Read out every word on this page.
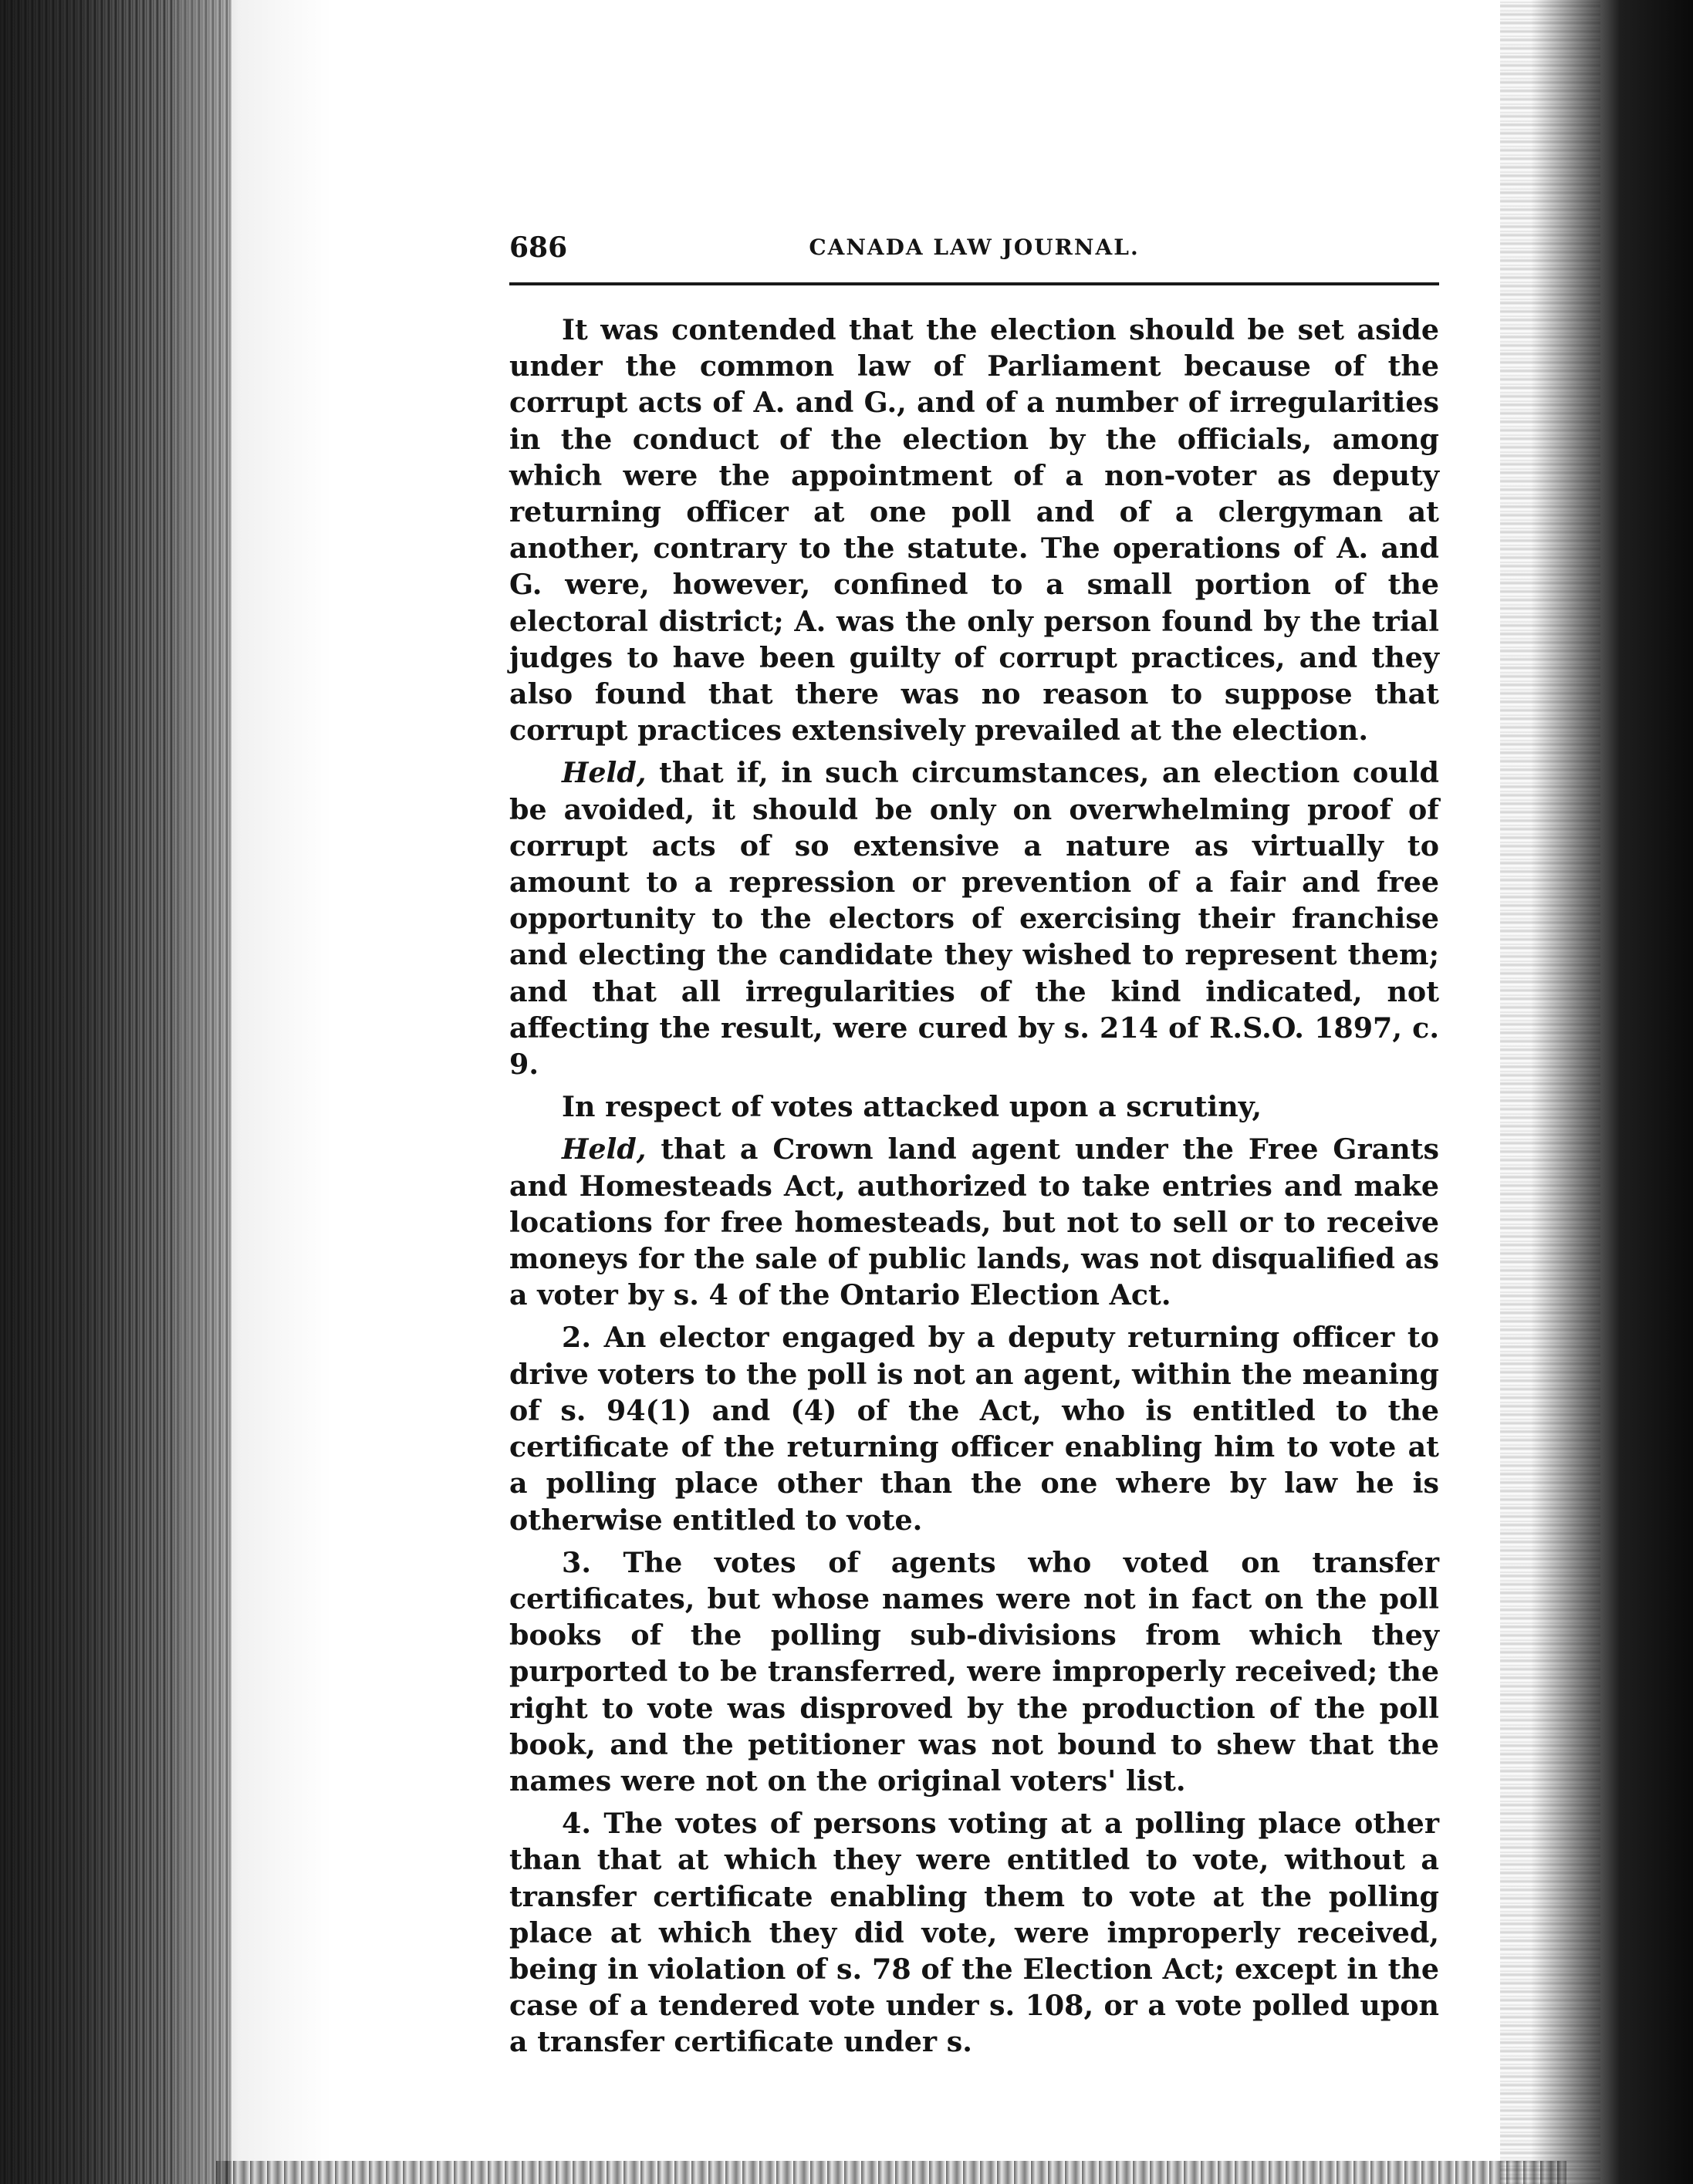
686	CANADA LAW JOURNAL.

It was contended that the election should be set aside under the common law of Parliament because of the corrupt acts of A. and G., and of a number of irregularities in the conduct of the election by the officials, among which were the appointment of a non-voter as deputy returning officer at one poll and of a clergyman at another, contrary to the statute. The operations of A. and G. were, however, confined to a small portion of the electoral district; A. was the only person found by the trial judges to have been guilty of corrupt practices, and they also found that there was no reason to suppose that corrupt practices extensively prevailed at the election.

Held, that if, in such circumstances, an election could be avoided, it should be only on overwhelming proof of corrupt acts of so extensive a nature as virtually to amount to a repression or prevention of a fair and free opportunity to the electors of exercising their franchise and electing the candidate they wished to represent them; and that all irregularities of the kind indicated, not affecting the result, were cured by s. 214 of R.S.O. 1897, c. 9.

In respect of votes attacked upon a scrutiny,

Held, that a Crown land agent under the Free Grants and Homesteads Act, authorized to take entries and make locations for free homesteads, but not to sell or to receive moneys for the sale of public lands, was not disqualified as a voter by s. 4 of the Ontario Election Act.

2. An elector engaged by a deputy returning officer to drive voters to the poll is not an agent, within the meaning of s. 94(1) and (4) of the Act, who is entitled to the certificate of the returning officer enabling him to vote at a polling place other than the one where by law he is otherwise entitled to vote.

3. The votes of agents who voted on transfer certificates, but whose names were not in fact on the poll books of the polling sub-divisions from which they purported to be transferred, were improperly received; the right to vote was disproved by the production of the poll book, and the petitioner was not bound to shew that the names were not on the original voters' list.

4. The votes of persons voting at a polling place other than that at which they were entitled to vote, without a transfer certificate enabling them to vote at the polling place at which they did vote, were improperly received, being in violation of s. 78 of the Election Act; except in the case of a tendered vote under s. 108, or a vote polled upon a transfer certificate under s.
